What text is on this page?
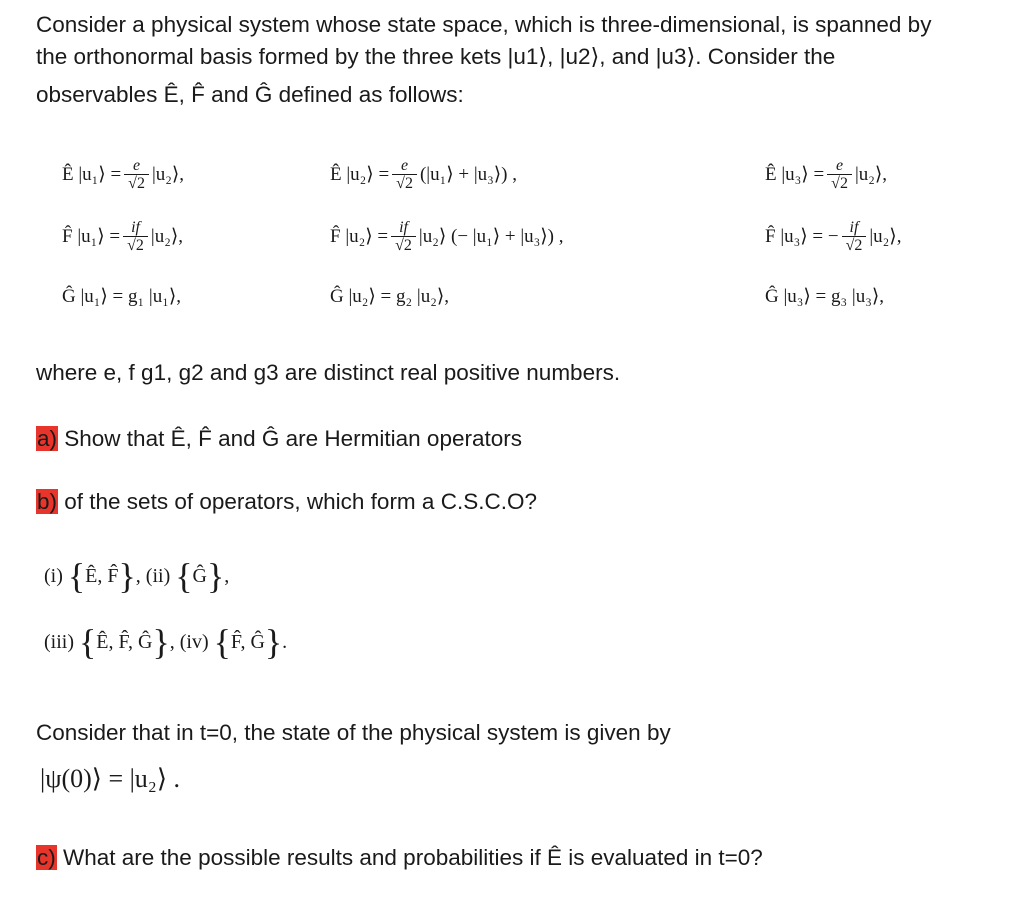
Consider a physical system whose state space, which is three-dimensional, is spanned by
the orthonormal basis formed by the three kets |u1⟩, |u2⟩, and |u3⟩. Consider the
observables Ê, F̂ and Ĝ defined as follows:
Ê |u₁⟩ = $\frac{e}{√2}$ |u₂⟩,	Ê |u₂⟩ = $\frac{e}{√2}$ (|u₁⟩ + |u₃⟩) ,	Ê |u₃⟩ = $\frac{e}{√2}$ |u₂⟩,
F̂ |u₁⟩ = $\frac{if}{√2}$ |u₂⟩,	F̂ |u₂⟩ = $\frac{if}{√2}$ |u₂⟩ (− |u₁⟩ + |u₃⟩) ,	F̂ |u₃⟩ = − $\frac{if}{√2}$ |u₂⟩,
Ĝ |u₁⟩ = g₁ |u₁⟩,	Ĝ |u₂⟩ = g₂ |u₂⟩,	Ĝ |u₃⟩ = g₃ |u₃⟩,
where e, f g1, g2 and g3 are distinct real positive numbers.
a) Show that Ê, F̂ and Ĝ are Hermitian operators
b) of the sets of operators, which form a C.S.C.O?
(i)
{ Ê, F̂ } , (ii)
{ Ĝ } ,
(iii)
{ Ê, F̂, Ĝ } , (iv)
{ F̂, Ĝ } .
Consider that in t=0, the state of the physical system is given by
|ψ(0)⟩ = |u₂⟩ .
c) What are the possible results and probabilities if Ê is evaluated in t=0?
